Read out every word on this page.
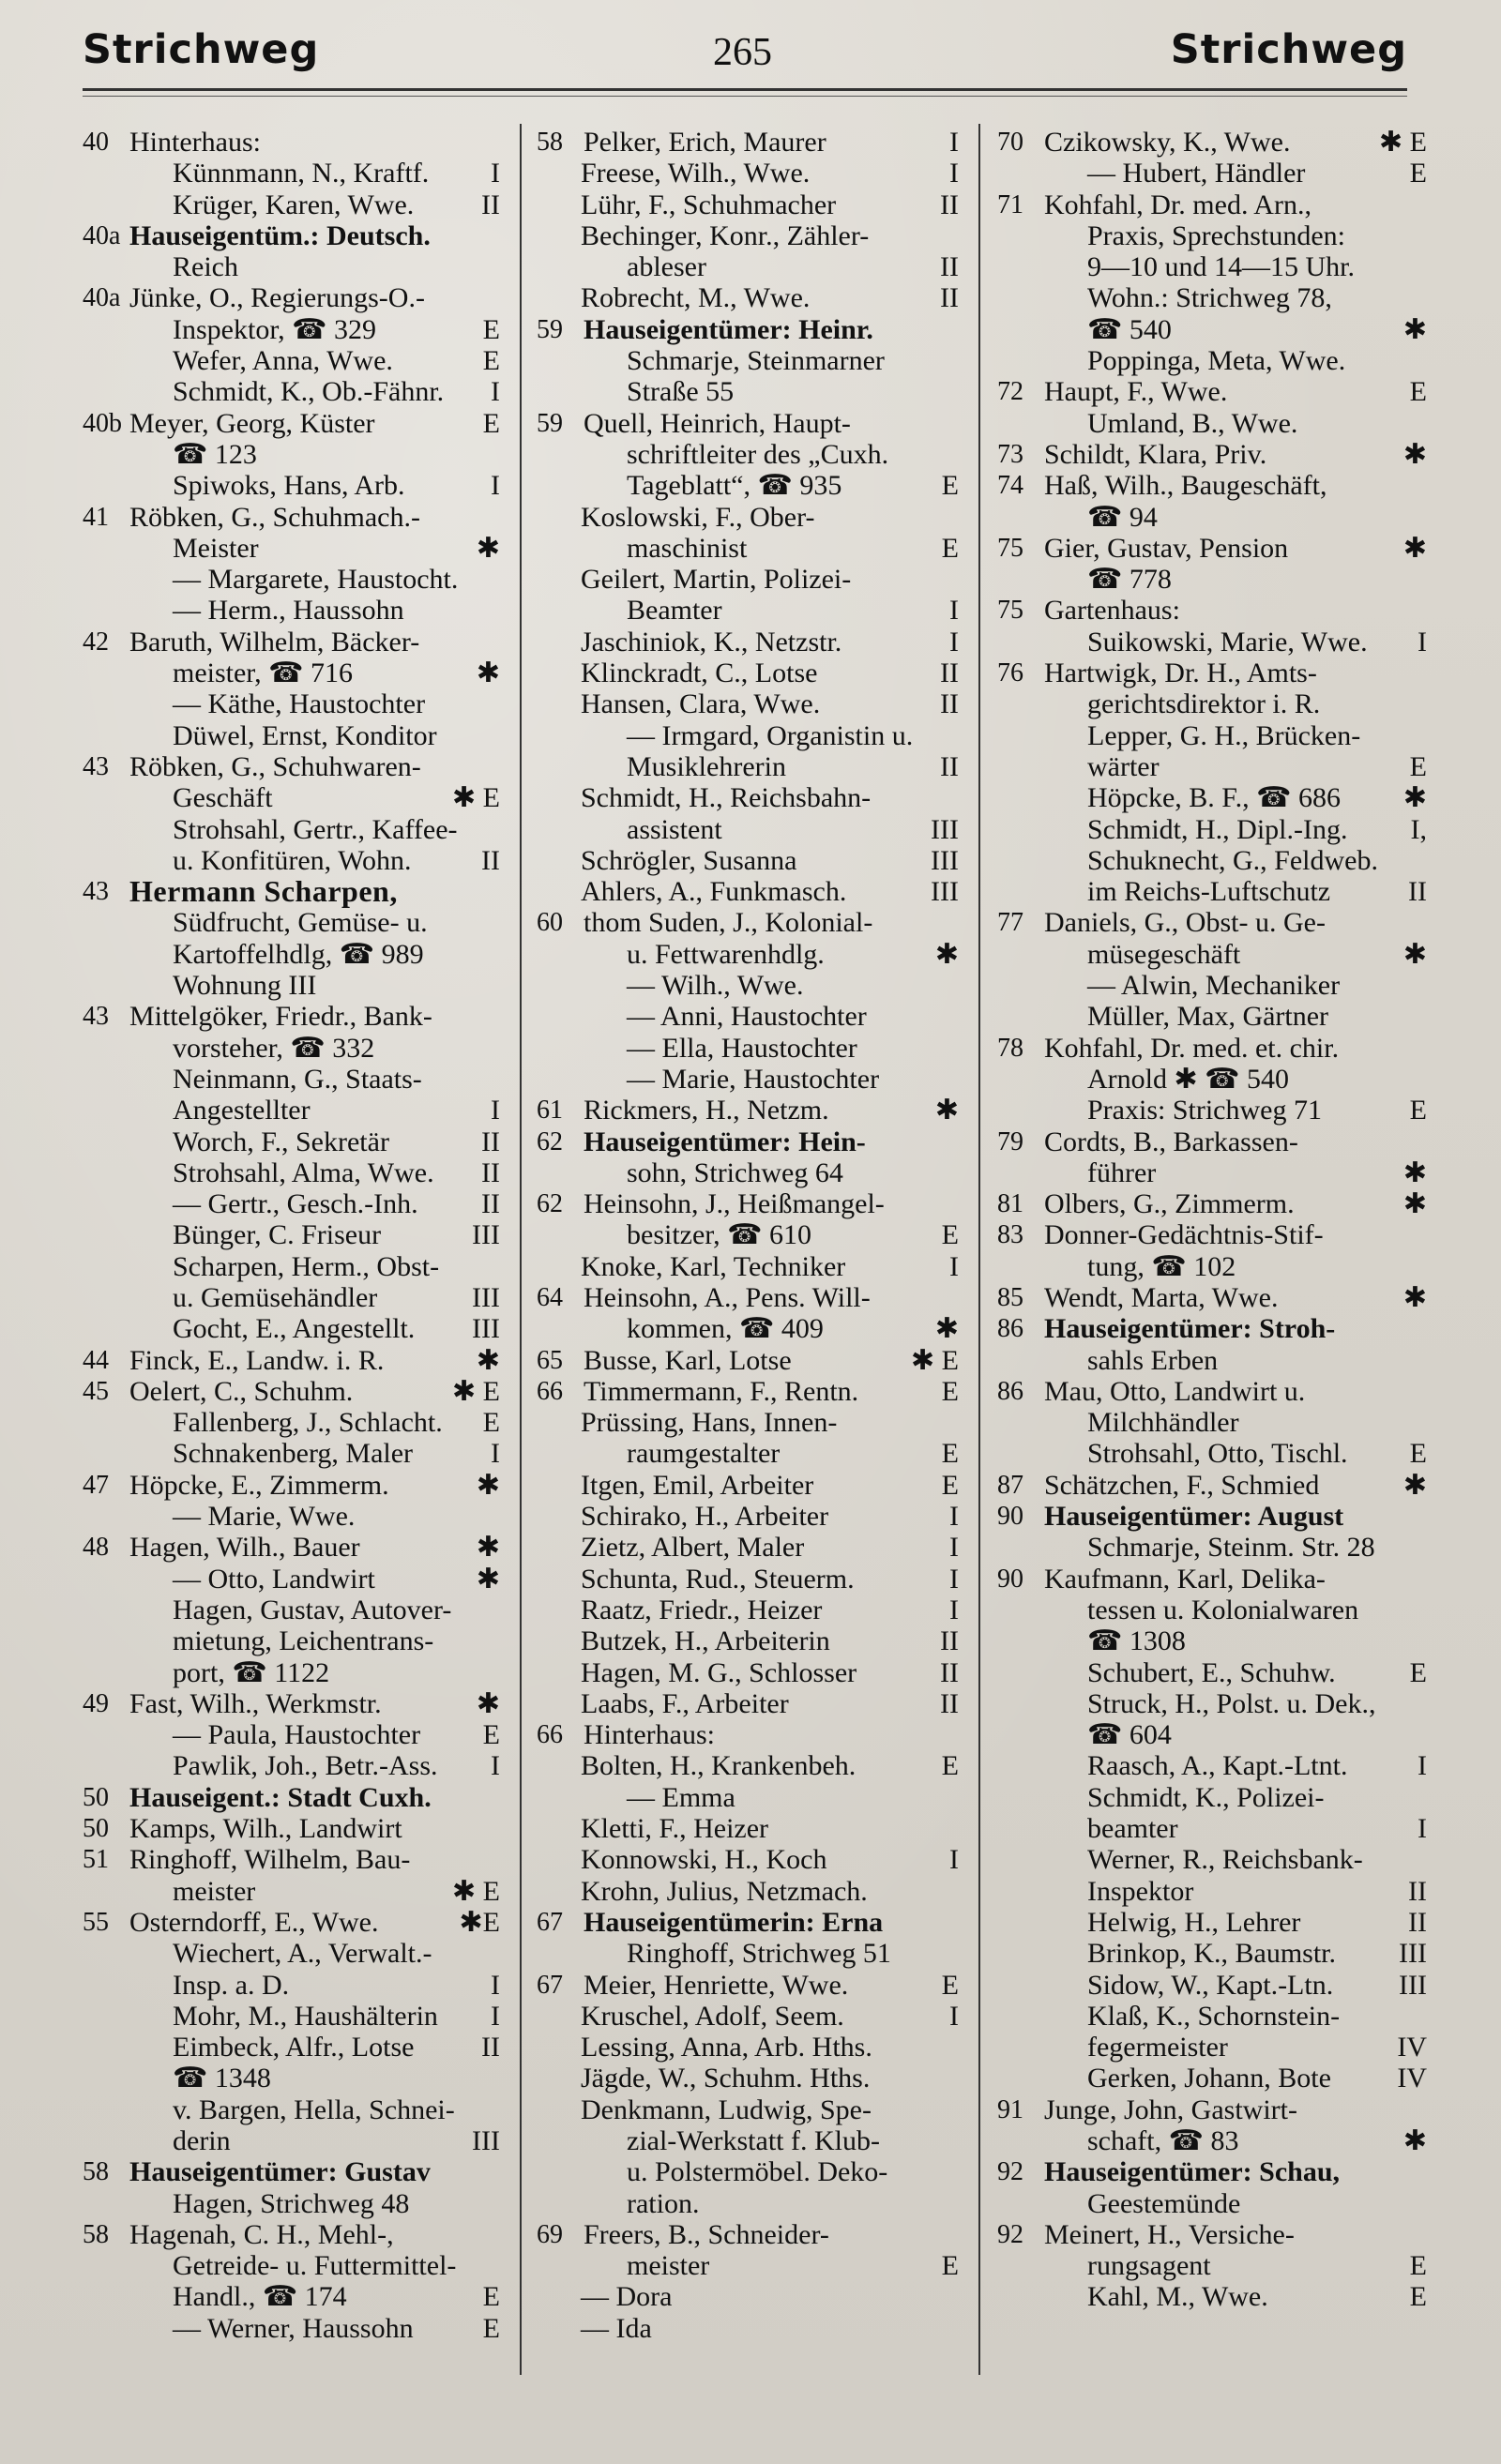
Strichweg	265	Strichweg
40 Hinterhaus:
Künnmann, N., Kraftf. I
Krüger, Karen, Wwe. II
40a Hauseigentüm.: Deutsch.
Reich
40a Jünke, O., Regierungs-O.-
Inspektor, ☎ 329	E
Wefer, Anna, Wwe.	E
Schmidt, K., Ob.-Fähnr. I
40b Meyer, Georg, Küster	E
☎ 123
Spiwoks, Hans, Arb.	I
41 Röbken, G., Schuhmach.-
Meister	✱
— Margarete, Haustocht.
— Herm., Haussohn
42 Baruth, Wilhelm, Bäcker-
meister, ☎ 716	✱
— Käthe, Haustochter
Düwel, Ernst, Konditor
43 Röbken, G., Schuhwaren-
Geschäft	✱ E
Strohsahl, Gertr., Kaffee-
u. Konfitüren, Wohn. II
43 Hermann Scharpen,
Südfrucht, Gemüse- u.
Kartoffelhdlg, ☎ 989
Wohnung III
43 Mittelgöker, Friedr., Bank-
vorsteher, ☎ 332
Neinmann, G., Staats-
Angestellter	I
Worch, F., Sekretär	II
Strohsahl, Alma, Wwe. II
— Gertr., Gesch.-Inh. II
Bünger, C. Friseur	III
Scharpen, Herm., Obst-
u. Gemüsehändler	III
Gocht, E., Angestellt. III
44 Finck, E., Landw. i. R.	✱
45 Oelert, C., Schuhm.	✱ E
Fallenberg, J., Schlacht. E
Schnakenberg, Maler	I
47 Höpcke, E., Zimmerm.	✱
— Marie, Wwe.
48 Hagen, Wilh., Bauer	✱
— Otto, Landwirt	✱
Hagen, Gustav, Autover-
mietung, Leichentrans-
port, ☎ 1122
49 Fast, Wilh., Werkmstr.	✱
— Paula, Haustochter E
Pawlik, Joh., Betr.-Ass. I
50 Hauseigent.: Stadt Cuxh.
50 Kamps, Wilh., Landwirt
51 Ringhoff, Wilhelm, Bau-
meister	✱ E
55 Osterndorff, E., Wwe.	✱E
Wiechert, A., Verwalt.-
Insp. a. D.	I
Mohr, M., Haushälterin I
Eimbeck, Alfr., Lotse II
☎ 1348
v. Bargen, Hella, Schnei-
derin	III
58 Hauseigentümer: Gustav
Hagen, Strichweg 48
58 Hagenah, C. H., Mehl-,
Getreide- u. Futtermittel-
Handl., ☎ 174	E
— Werner, Haussohn E
58 Pelker, Erich, Maurer	I
Freese, Wilh., Wwe.	I
Lühr, F., Schuhmacher	II
Bechinger, Konr., Zähler-
ableser	II
Robrecht, M., Wwe.	II
59 Hauseigentümer: Heinr.
Schmarje, Steinmarner
Straße 55
59 Quell, Heinrich, Haupt-
schriftleiter des „Cuxh.
Tageblatt“, ☎ 935	E
Koslowski, F., Ober-
maschinist	E
Geilert, Martin, Polizei-
Beamter	I
Jaschiniok, K., Netzstr.	I
Klinckradt, C., Lotse	II
Hansen, Clara, Wwe.	II
— Irmgard, Organistin u.
Musiklehrerin	II
Schmidt, H., Reichsbahn-
assistent	III
Schrögler, Susanna	III
Ahlers, A., Funkmasch.	III
60 thom Suden, J., Kolonial-
u. Fettwarenhdlg.	✱
— Wilh., Wwe.
— Anni, Haustochter
— Ella, Haustochter
— Marie, Haustochter
61 Rickmers, H., Netzm.	✱
62 Hauseigentümer: Hein-
sohn, Strichweg 64
62 Heinsohn, J., Heißmangel-
besitzer, ☎ 610	E
Knoke, Karl, Techniker	I
64 Heinsohn, A., Pens. Will-
kommen, ☎ 409	✱
65 Busse, Karl, Lotse	✱ E
66 Timmermann, F., Rentn.	E
Prüssing, Hans, Innen-
raumgestalter	E
Itgen, Emil, Arbeiter	E
Schirako, H., Arbeiter	I
Zietz, Albert, Maler	I
Schunta, Rud., Steuerm.	I
Raatz, Friedr., Heizer	I
Butzek, H., Arbeiterin	II
Hagen, M. G., Schlosser	II
Laabs, F., Arbeiter	II
66 Hinterhaus:
Bolten, H., Krankenbeh.	E
— Emma
Kletti, F., Heizer
Konnowski, H., Koch	I
Krohn, Julius, Netzmach.
67 Hauseigentümerin: Erna
Ringhoff, Strichweg 51
67 Meier, Henriette, Wwe.	E
Kruschel, Adolf, Seem.	I
Lessing, Anna, Arb. Hths.
Jägde, W., Schuhm. Hths.
Denkmann, Ludwig, Spe-
zial-Werkstatt f. Klub-
u. Polstermöbel. Deko-
ration.
69 Freers, B., Schneider-
meister	E
— Dora
— Ida
70 Czikowsky, K., Wwe.	✱ E
— Hubert, Händler	E
71 Kohfahl, Dr. med. Arn.,
Praxis, Sprechstunden:
9—10 und 14—15 Uhr.
Wohn.: Strichweg 78,
☎ 540	✱
Poppinga, Meta, Wwe.
72 Haupt, F., Wwe.	E
Umland, B., Wwe.
73 Schildt, Klara, Priv.	✱
74 Haß, Wilh., Baugeschäft,
☎ 94
75 Gier, Gustav, Pension	✱
☎ 778
75 Gartenhaus:
Suikowski, Marie, Wwe. I
76 Hartwigk, Dr. H., Amts-
gerichtsdirektor i. R.
Lepper, G. H., Brücken-
wärter	E
Höpcke, B. F., ☎ 686 ✱
Schmidt, H., Dipl.-Ing. I,
Schuknecht, G., Feldweb.
im Reichs-Luftschutz	II
77 Daniels, G., Obst- u. Ge-
müsegeschäft	✱
— Alwin, Mechaniker
Müller, Max, Gärtner
78 Kohfahl, Dr. med. et. chir.
Arnold ✱ ☎ 540
Praxis: Strichweg 71	E
79 Cordts, B., Barkassen-
führer	✱
81 Olbers, G., Zimmerm.	✱
83 Donner-Gedächtnis-Stif-
tung, ☎ 102
85 Wendt, Marta, Wwe.	✱
86 Hauseigentümer: Stroh-
sahls Erben
86 Mau, Otto, Landwirt u.
Milchhändler
Strohsahl, Otto, Tischl. E
87 Schätzchen, F., Schmied	✱
90 Hauseigentümer: August
Schmarje, Steinm. Str. 28
90 Kaufmann, Karl, Delika-
tessen u. Kolonialwaren
☎ 1308
Schubert, E., Schuhw.	E
Struck, H., Polst. u. Dek.,
☎ 604
Raasch, A., Kapt.-Ltnt. I
Schmidt, K., Polizei-
beamter	I
Werner, R., Reichsbank-
Inspektor	II
Helwig, H., Lehrer	II
Brinkop, K., Baumstr. III
Sidow, W., Kapt.-Ltn. III
Klaß, K., Schornstein-
fegermeister	IV
Gerken, Johann, Bote IV
91 Junge, John, Gastwirt-
schaft, ☎ 83	✱
92 Hauseigentümer: Schau,
Geestemünde
92 Meinert, H., Versiche-
rungsagent	E
Kahl, M., Wwe.	E
